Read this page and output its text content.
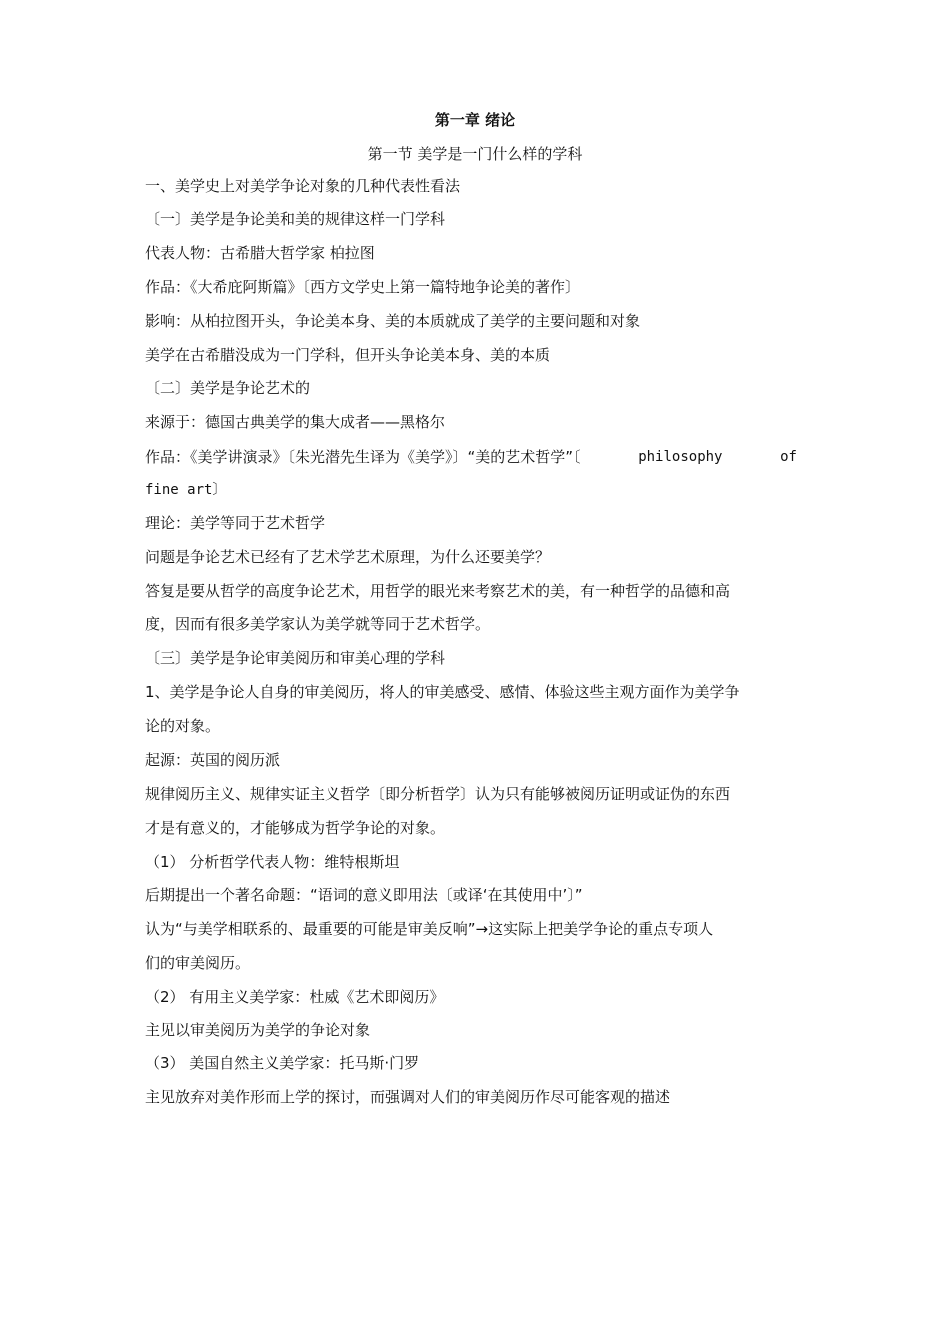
第一章 绪论
第一节 美学是一门什么样的学科
一、美学史上对美学争论对象的几种代表性看法
〔一〕美学是争论美和美的规律这样一门学科
代表人物：古希腊大哲学家 柏拉图
作品：《大希庇阿斯篇》〔西方文学史上第一篇特地争论美的著作〕
影响：从柏拉图开头，争论美本身、美的本质就成了美学的主要问题和对象
美学在古希腊没成为一门学科，但开头争论美本身、美的本质
〔二〕美学是争论艺术的
来源于：德国古典美学的集大成者——黑格尔
作品：《美学讲演录》〔朱光潜先生译为《美学》〕“美的艺术哲学”〔	philosophy	of
fine art〕
理论：美学等同于艺术哲学
问题是争论艺术已经有了艺术学艺术原理，为什么还要美学？
答复是要从哲学的高度争论艺术，用哲学的眼光来考察艺术的美，有一种哲学的品德和高
度，因而有很多美学家认为美学就等同于艺术哲学。
〔三〕美学是争论审美阅历和审美心理的学科
1、美学是争论人自身的审美阅历，将人的审美感受、感情、体验这些主观方面作为美学争
论的对象。
起源：英国的阅历派
规律阅历主义、规律实证主义哲学〔即分析哲学〕认为只有能够被阅历证明或证伪的东西
才是有意义的，才能够成为哲学争论的对象。
（1） 分析哲学代表人物：维特根斯坦
后期提出一个著名命题：“语词的意义即用法〔或译‘在其使用中’〕”
认为“与美学相联系的、最重要的可能是审美反响”→这实际上把美学争论的重点专项人
们的审美阅历。
（2） 有用主义美学家：杜威《艺术即阅历》
主见以审美阅历为美学的争论对象
（3） 美国自然主义美学家：托马斯·门罗
主见放弃对美作形而上学的探讨，而强调对人们的审美阅历作尽可能客观的描述
